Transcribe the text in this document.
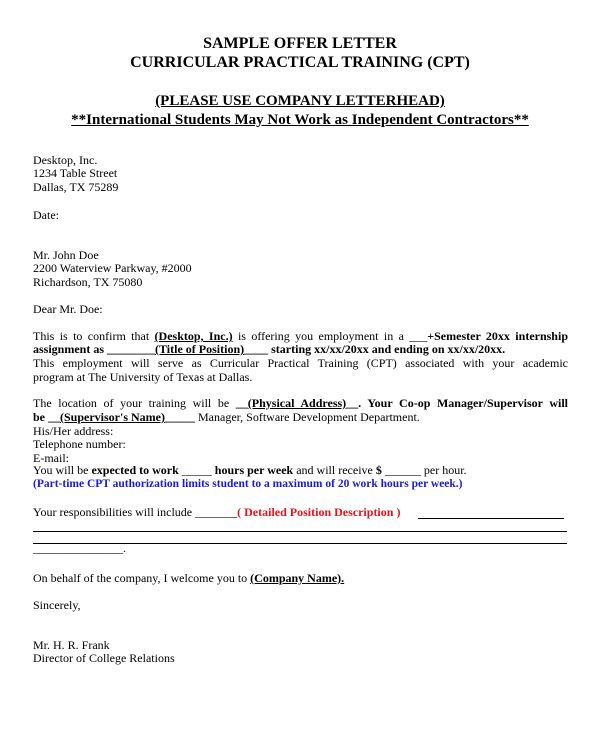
SAMPLE OFFER LETTER
CURRICULAR PRACTICAL TRAINING (CPT)
(PLEASE USE COMPANY LETTERHEAD)
**International Students May Not Work as Independent Contractors**
Desktop, Inc.
1234 Table Street
Dallas, TX 75289
Date:
Mr. John Doe
2200 Waterview Parkway, #2000
Richardson, TX 75080
Dear Mr. Doe:
This is to confirm that (Desktop, Inc.) is offering you employment in a ___+Semester 20xx internship
assignment as ________(Title of Position)____ starting xx/xx/20xx and ending on xx/xx/20xx.
This employment will serve as Curricular Practical Training (CPT) associated with your academic
program at The University of Texas at Dallas.
The location of your training will be __(Physical Address)__. Your Co-op Manager/Supervisor will
be __(Supervisor's Name)_____ Manager, Software Development Department.
His/Her address:
Telephone number:
E-mail:
You will be expected to work _____ hours per week and will receive $ ______ per hour.
(Part-time CPT authorization limits student to a maximum of 20 work hours per week.)
Your responsibilities will include _______( Detailed Position Description )
_______________.
On behalf of the company, I welcome you to (Company Name).
Sincerely,
Mr. H. R. Frank
Director of College Relations
